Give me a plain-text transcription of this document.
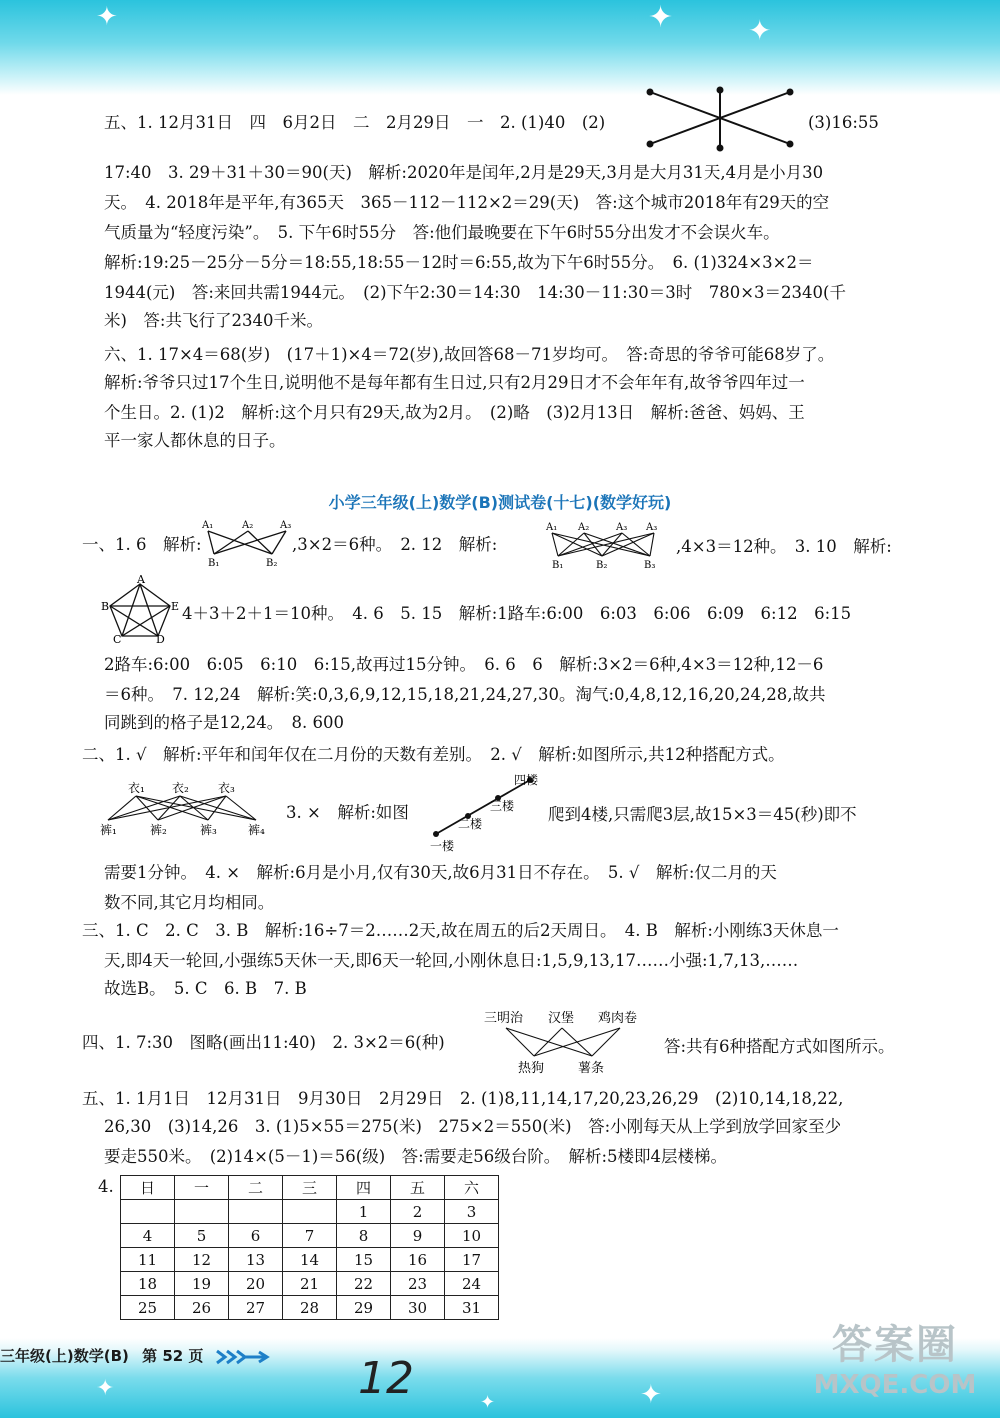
✦	✦	✦
五、1. 12月31日　四　6月2日　二　2月29日　一　2. (1)40　(2)	(3)16:55
17:40　3. 29＋31＋30＝90(天)　解析:2020年是闰年,2月是29天,3月是大月31天,4月是小月30
天。　4. 2018年是平年,有365天　365－112－112×2＝29(天)　答:这个城市2018年有29天的空
气质量为“轻度污染”。　5. 下午6时55分　答:他们最晚要在下午6时55分出发才不会误火车。
解析:19:25－25分－5分＝18:55,18:55－12时＝6:55,故为下午6时55分。　6. (1)324×3×2＝
1944(元)　答:来回共需1944元。　(2)下午2:30＝14:30　14:30－11:30＝3时　780×3＝2340(千
米)　答:共飞行了2340千米。
六、1. 17×4＝68(岁)　(17＋1)×4＝72(岁),故回答68－71岁均可。　答:奇思的爷爷可能68岁了。
解析:爷爷只过17个生日,说明他不是每年都有生日过,只有2月29日才不会年年有,故爷爷四年过一
个生日。2. (1)2　解析:这个月只有29天,故为2月。　(2)略　(3)2月13日　解析:爸爸、妈妈、王
平一家人都休息的日子。
小学三年级(上)数学(B)测试卷(十七)(数学好玩)
一、1. 6　解析:
A₁	A₂	A₃
B₁	B₂
,3×2＝6种。　2. 12　解析:
A₁ A₂	A₃ A₃
B₁	B₂	B₃
,4×3＝12种。　3. 10　解析:
A
B	E
C	D
4＋3＋2＋1＝10种。　4. 6　5. 15　解析:1路车:6:00　6:03　6:06　6:09　6:12　6:15
2路车:6:00　6:05　6:10　6:15,故再过15分钟。　6. 6　6　解析:3×2＝6种,4×3＝12种,12－6
＝6种。　7. 12,24　解析:笑:0,3,6,9,12,15,18,21,24,27,30。淘气:0,4,8,12,16,20,24,28,故共
同跳到的格子是12,24。　8. 600
二、1. √　解析:平年和闰年仅在二月份的天数有差别。　2. √　解析:如图所示,共12种搭配方式。
衣₁ 衣₂ 衣₃
裤₁	裤₂	裤₃	裤₄
3. ×　解析:如图
四楼
三楼
二楼
一楼
爬到4楼,只需爬3层,故15×3＝45(秒)即不
需要1分钟。　4. ×　解析:6月是小月,仅有30天,故6月31日不存在。　5. √　解析:仅二月的天
数不同,其它月均相同。
三、1. C　2. C　3. B　解析:16÷7＝2……2天,故在周五的后2天周日。　4. B　解析:小刚练3天休息一
天,即4天一轮回,小强练5天休一天,即6天一轮回,小刚休息日:1,5,9,13,17……小强:1,7,13,……
故选B。　5. C　6. B　7. B
四、1. 7:30　图略(画出11:40)　2. 3×2＝6(种)
三明治 汉堡 鸡肉卷
热狗	薯条
答:共有6种搭配方式如图所示。
五、1. 1月1日　12月31日　9月30日　2月29日　2. (1)8,11,14,17,20,23,26,29　(2)10,14,18,22,
26,30　(3)14,26　3. (1)5×55＝275(米)　275×2＝550(米)　答:小刚每天从上学到放学回家至少
要走550米。　(2)14×(5－1)＝56(级)　答:需要走56级台阶。　解析:5楼即4层楼梯。
4. 日	一	二	三	四	五	六
				1	2	3
4	5	6	7	8	9	10
11	12	13	14	15	16	17
18	19	20	21	22	23	24
25	26	27	28	29	30	31
✦	✦
✦
三年级(上)数学(B) 第 52 页	12
答案圈
MXQE.COM
